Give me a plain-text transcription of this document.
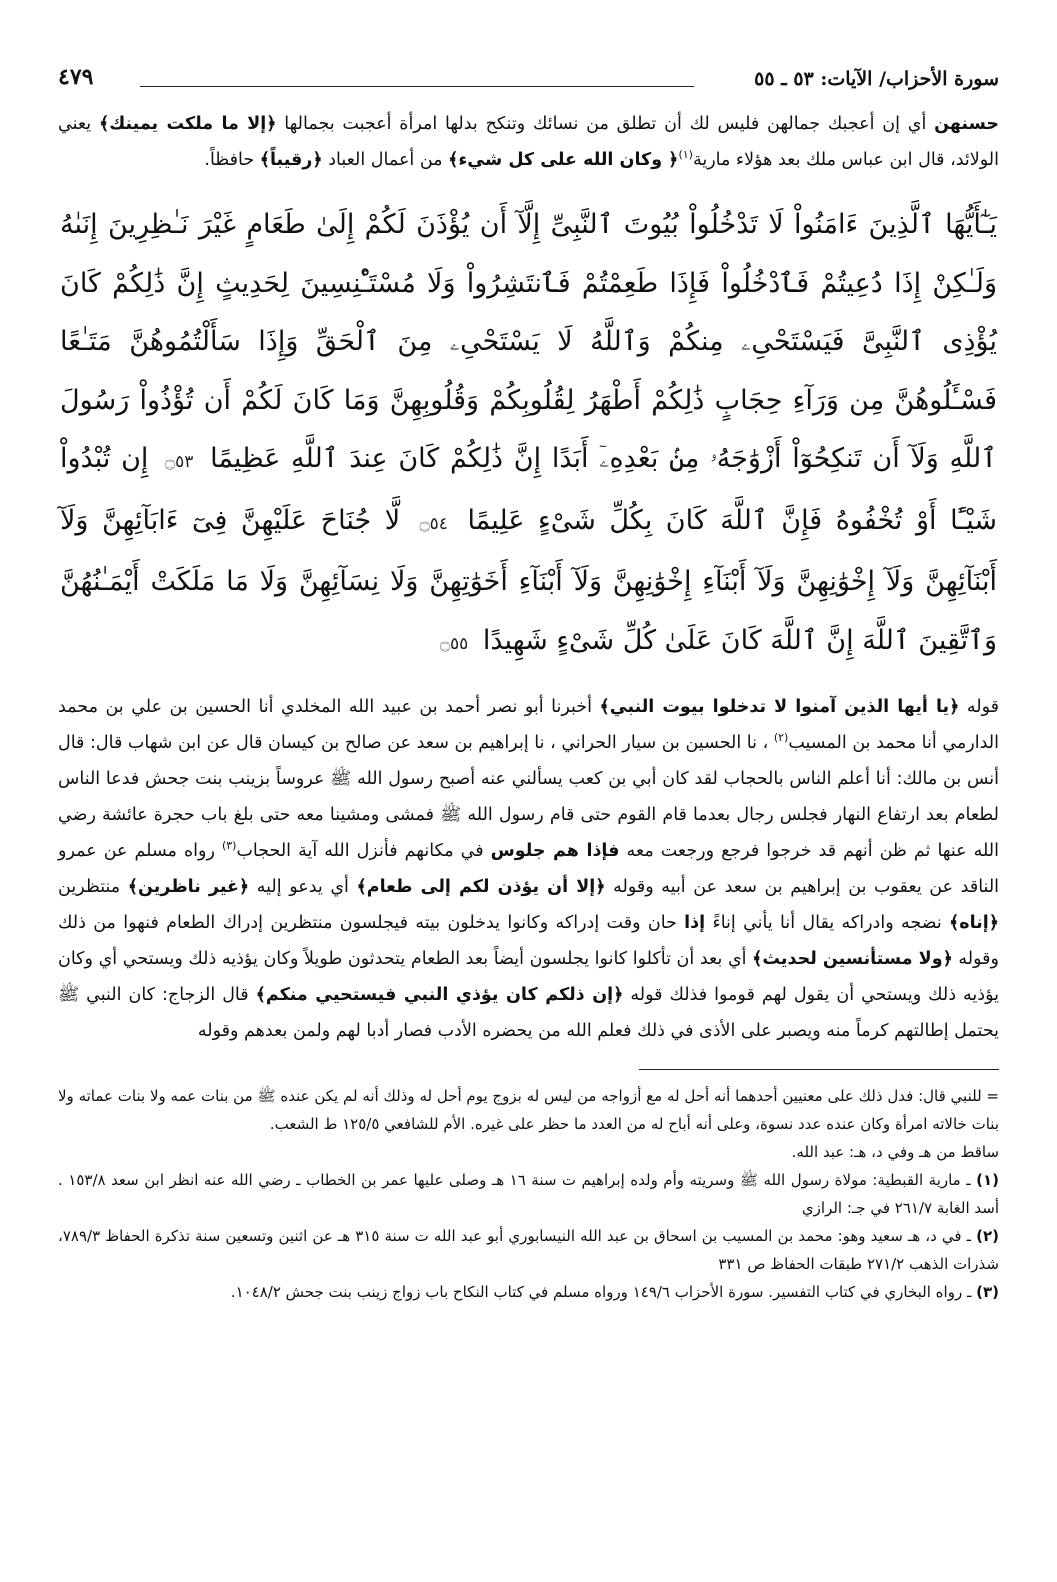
سورة الأحزاب/ الآيات: ٥٣ ـ ٥٥
٤٧٩
حسنهن أي إن أعجبك جمالهن فليس لك أن تطلق من نسائك وتنكح بدلها امرأة أعجبت بجمالها ﴿إلا ما ملكت يمينك﴾ يعني الولائد، قال ابن عباس ملك بعد هؤلاء مارية$^{(١)}$﴿ وكان الله على كل شيء﴾ من أعمال العباد ﴿رقيباً﴾ حافظاً.
يَـٰٓأَيُّهَا ٱلَّذِينَ ءَامَنُواْ لَا تَدْخُلُواْ بُيُوتَ ٱلنَّبِىِّ إِلَّآ أَن يُؤْذَنَ لَكُمْ إِلَىٰ طَعَامٍ غَيْرَ نَـٰظِرِينَ إِنَىٰهُ وَلَـٰكِنْ إِذَا دُعِيتُمْ فَٱدْخُلُواْ فَإِذَا طَعِمْتُمْ فَٱنتَشِرُواْ وَلَا مُسْتَـْٔنِسِينَ لِحَدِيثٍ إِنَّ ذَٰلِكُمْ كَانَ يُؤْذِى ٱلنَّبِىَّ فَيَسْتَحْىِۦ مِنكُمْ وَٱللَّهُ لَا يَسْتَحْىِۦ مِنَ ٱلْحَقِّ وَإِذَا سَأَلْتُمُوهُنَّ مَتَـٰعًا فَسْـَٔلُوهُنَّ مِن وَرَآءِ حِجَابٍ ذَٰلِكُمْ أَطْهَرُ لِقُلُوبِكُمْ وَقُلُوبِهِنَّ وَمَا كَانَ لَكُمْ أَن تُؤْذُواْ رَسُولَ ٱللَّهِ وَلَآ أَن تَنكِحُوٓاْ أَزْوَٰجَهُۥ مِنۢ بَعْدِهِۦٓ أَبَدًا إِنَّ ذَٰلِكُمْ كَانَ عِندَ ٱللَّهِ عَظِيمًا ۝٥٣ إِن تُبْدُواْ شَيْـًٔا أَوْ تُخْفُوهُ فَإِنَّ ٱللَّهَ كَانَ بِكُلِّ شَىْءٍ عَلِيمًا ۝٥٤ لَّا جُنَاحَ عَلَيْهِنَّ فِىٓ ءَابَآئِهِنَّ وَلَآ أَبْنَآئِهِنَّ وَلَآ إِخْوَٰنِهِنَّ وَلَآ أَبْنَآءِ إِخْوَٰنِهِنَّ وَلَآ أَبْنَآءِ أَخَوَٰتِهِنَّ وَلَا نِسَآئِهِنَّ وَلَا مَا مَلَكَتْ أَيْمَـٰنُهُنَّ وَٱتَّقِينَ ٱللَّهَ إِنَّ ٱللَّهَ كَانَ عَلَىٰ كُلِّ شَىْءٍ شَهِيدًا ۝٥٥
قوله ﴿يا أيها الذين آمنوا لا تدخلوا بيوت النبي﴾ أخبرنا أبو نصر أحمد بن عبيد الله المخلدي أنا الحسين بن علي بن محمد الدارمي أنا محمد بن المسيب$^{(٢)}$ ، نا الحسين بن سيار الحراني ، نا إبراهيم بن سعد عن صالح بن كيسان قال عن ابن شهاب قال: قال أنس بن مالك: أنا أعلم الناس بالحجاب لقد كان أبي بن كعب يسألني عنه أصبح رسول الله ﷺ عروساً بزينب بنت جحش فدعا الناس لطعام بعد ارتفاع النهار فجلس رجال بعدما قام القوم حتى قام رسول الله ﷺ فمشى ومشينا معه حتى بلغ باب حجرة عائشة رضي الله عنها ثم ظن أنهم قد خرجوا فرجع ورجعت معه فإذا هم جلوس في مكانهم فأنزل الله آية الحجاب$^{(٣)}$ رواه مسلم عن عمرو الناقد عن يعقوب بن إبراهيم بن سعد عن أبيه وقوله ﴿إلا أن يؤذن لكم إلى طعام﴾ أي يدعو إليه ﴿غير ناظرين﴾ منتظرين ﴿إناه﴾ نضجه وادراكه يقال أنا يأني إناءً إذا حان وقت إدراكه وكانوا يدخلون بيته فيجلسون منتظرين إدراك الطعام فنهوا من ذلك وقوله ﴿ولا مستأنسين لحديث﴾ أي بعد أن تأكلوا كانوا يجلسون أيضاً بعد الطعام يتحدثون طويلاً وكان يؤذيه ذلك ويستحي أي وكان يؤذيه ذلك ويستحي أن يقول لهم قوموا فذلك قوله ﴿إن ذلكم كان يؤذي النبي فيستحيي منكم﴾ قال الزجاج: كان النبي ﷺ يحتمل إطالتهم كرماً منه ويصبر على الأذى في ذلك فعلم الله من يحضره الأدب فصار أدبا لهم ولمن بعدهم وقوله

= للنبي قال: فدل ذلك على معنيين أحدهما أنه أحل له مع أزواجه من ليس له بزوج يوم أحل له وذلك أنه لم يكن عنده ﷺ من بنات عمه ولا بنات عماته ولا بنات خالاته امرأة وكان عنده عدد نسوة، وعلى أنه أباح له من العدد ما حظر على غيره. الأم للشافعي ١٢٥/٥ ط الشعب.

ساقط من هـ وفي د، هـ: عبد الله.

(١) ـ مارية القبطية: مولاة رسول الله ﷺ وسريته وأم ولده إبراهيم ت سنة ١٦ هـ وصلى عليها عمر بن الخطاب ـ رضي الله عنه انظر ابن سعد ١٥٣/٨ . أسد الغابة ٢٦١/٧ في جـ: الرازي

(٢) ـ في د، هـ سعيد وهو: محمد بن المسيب بن اسحاق بن عبد الله النيسابوري أبو عبد الله ت سنة ٣١٥ هـ عن اثنين وتسعين سنة تذكرة الحفاظ ٧٨٩/٣، شذرات الذهب ٢٧١/٢ طبقات الحفاظ ص ٣٣١

(٣) ـ رواه البخاري في كتاب التفسير. سورة الأحزاب ١٤٩/٦ ورواه مسلم في كتاب النكاح باب زواج زينب بنت جحش ١٠٤٨/٢.
